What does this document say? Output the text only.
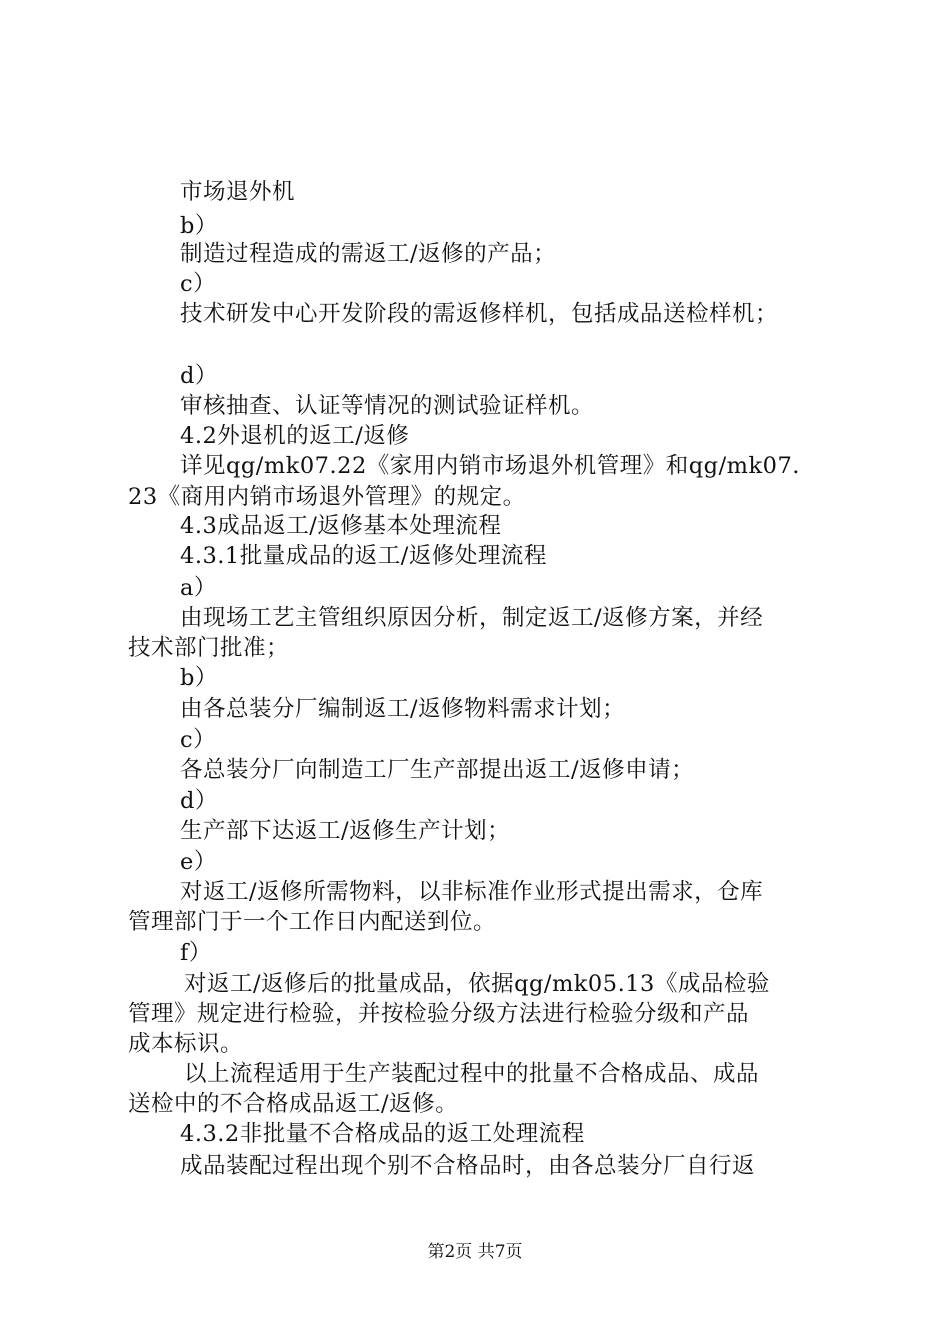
市场退外机
b）
制造过程造成的需返工/返修的产品；
c）
技术研发中心开发阶段的需返修样机，包括成品送检样机；
d）
审核抽查、认证等情况的测试验证样机。
4.2外退机的返工/返修
详见qg/mk07.22《家用内销市场退外机管理》和qg/mk07.
23《商用内销市场退外管理》的规定。
4.3成品返工/返修基本处理流程
4.3.1批量成品的返工/返修处理流程
a）
由现场工艺主管组织原因分析，制定返工/返修方案，并经
技术部门批准；
b）
由各总装分厂编制返工/返修物料需求计划；
c）
各总装分厂向制造工厂生产部提出返工/返修申请；
d）
生产部下达返工/返修生产计划；
e）
对返工/返修所需物料，以非标准作业形式提出需求，仓库
管理部门于一个工作日内配送到位。
f）
对返工/返修后的批量成品，依据qg/mk05.13《成品检验
管理》规定进行检验，并按检验分级方法进行检验分级和产品
成本标识。
以上流程适用于生产装配过程中的批量不合格成品、成品
送检中的不合格成品返工/返修。
4.3.2非批量不合格成品的返工处理流程
成品装配过程出现个别不合格品时，由各总装分厂自行返
第2页 共7页
